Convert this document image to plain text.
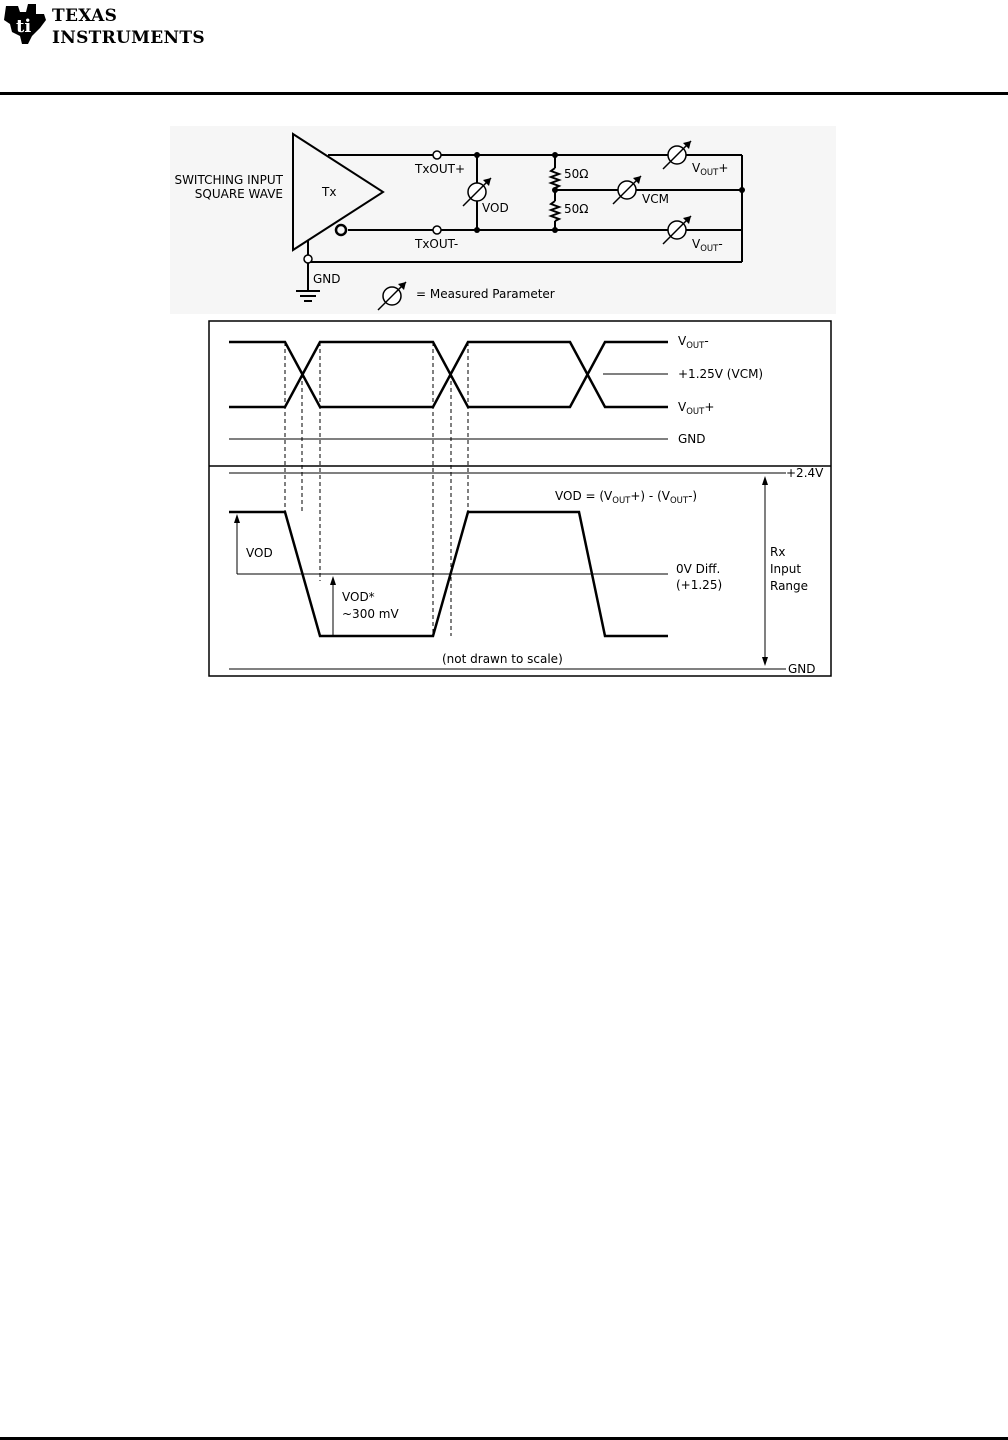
ti TEXAS
INSTRUMENTS
SWITCHING INPUT
SQUARE WAVE	Tx
TxOUT+
TxOUT-
VOD
50Ω
50Ω
VCM
$V_{OUT}+$
$V_{OUT}-$
GND
= Measured Parameter
$V_{OUT}-$
+1.25V (VCM)
$V_{OUT}+$
GND
+2.4V
VOD = $(V_{OUT}+) - (V_{OUT}-)$
VOD
0V Diff.
(+1.25)
VOD*
~300 mV
Rx
Input
Range
(not drawn to scale)
GND
